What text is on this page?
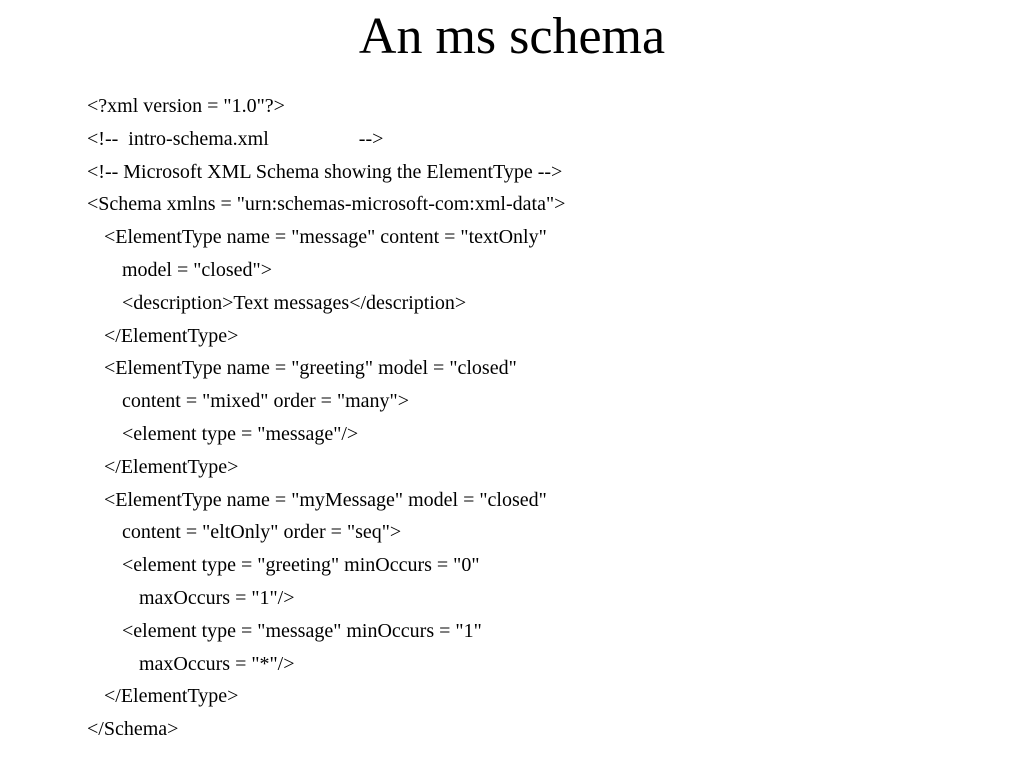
An ms schema
<?xml version = "1.0"?>
<!--  intro-schema.xml                  -->
<!-- Microsoft XML Schema showing the ElementType -->
<Schema xmlns = "urn:schemas-microsoft-com:xml-data">
<ElementType name = "message" content = "textOnly"
model = "closed">
<description>Text messages</description>
</ElementType>
<ElementType name = "greeting" model = "closed"
content = "mixed" order = "many">
<element type = "message"/>
</ElementType>
<ElementType name = "myMessage" model = "closed"
content = "eltOnly" order = "seq">
<element type = "greeting" minOccurs = "0"
maxOccurs = "1"/>
<element type = "message" minOccurs = "1"
maxOccurs = "*"/>
</ElementType>
</Schema>
